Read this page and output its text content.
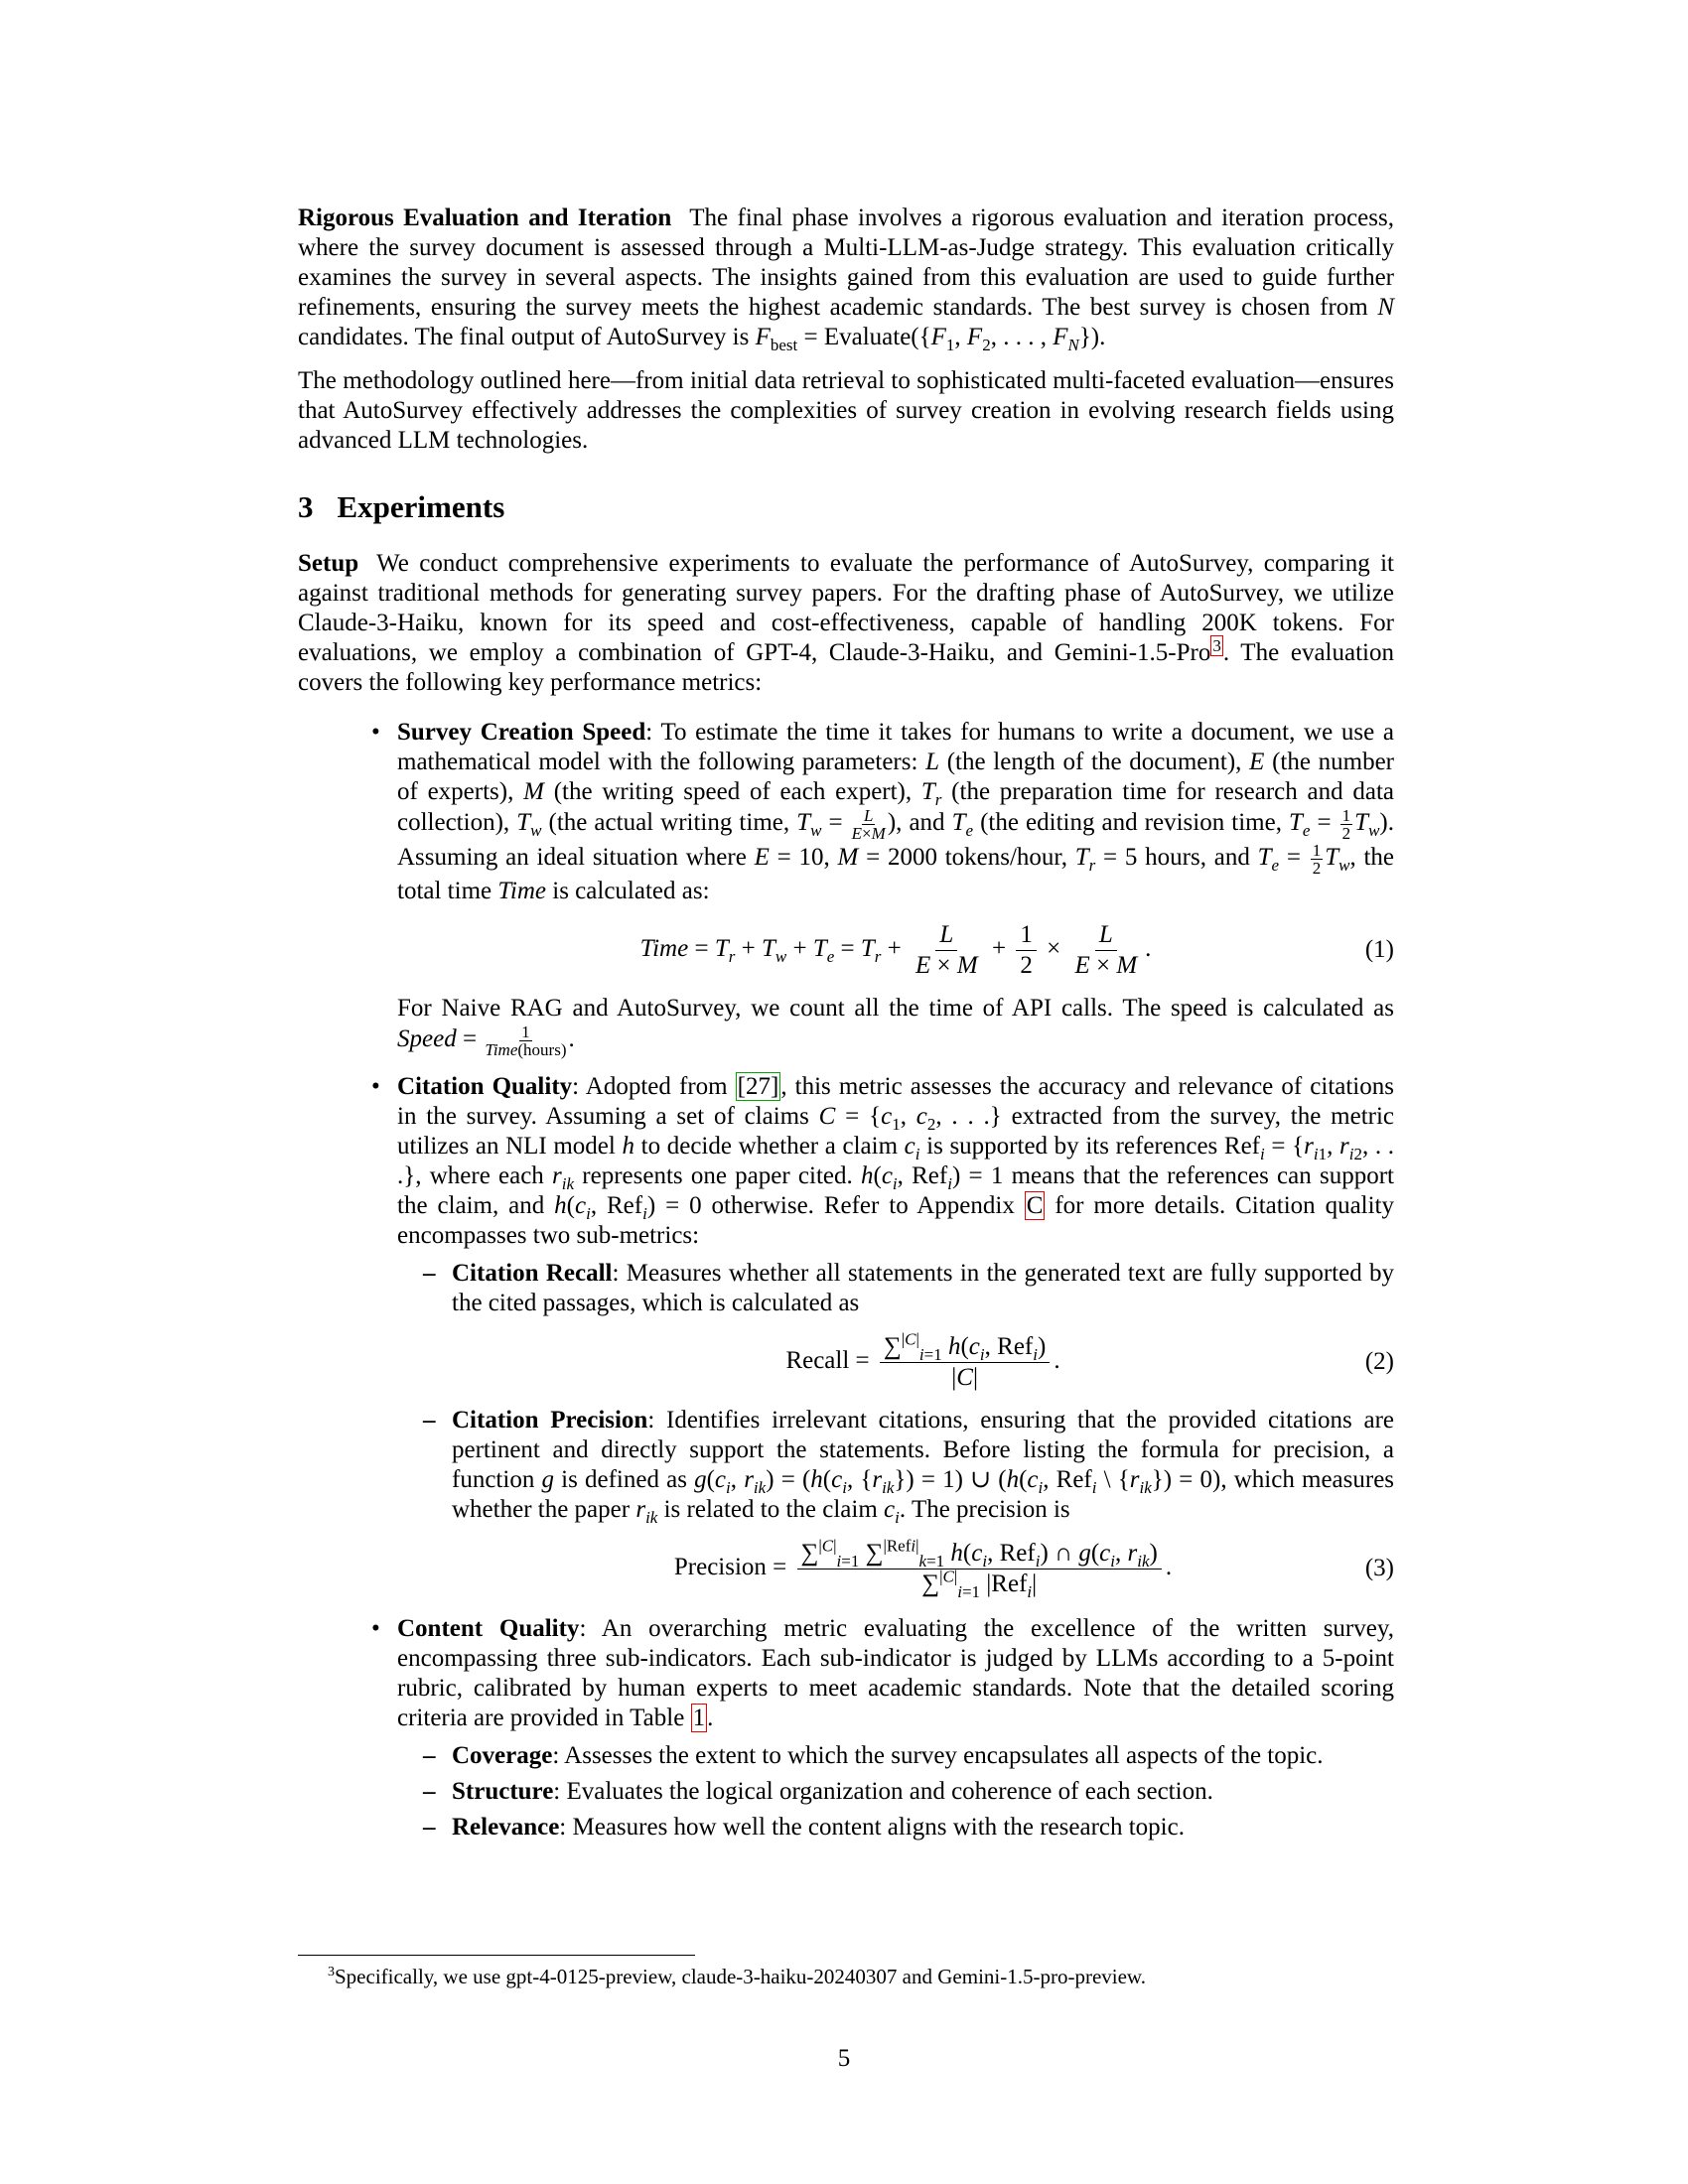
Rigorous Evaluation and Iteration The final phase involves a rigorous evaluation and iteration process, where the survey document is assessed through a Multi-LLM-as-Judge strategy. This evaluation critically examines the survey in several aspects. The insights gained from this evaluation are used to guide further refinements, ensuring the survey meets the highest academic standards. The best survey is chosen from N candidates. The final output of AutoSurvey is $F_{best}$ = $Evaluate(\{F_1$, $F_2$, . . . , $F_N$}).

The methodology outlined here—from initial data retrieval to sophisticated multi-faceted evaluation—ensures that AutoSurvey effectively addresses the complexities of survey creation in evolving research fields using advanced LLM technologies.

3 Experiments

Setup We conduct comprehensive experiments to evaluate the performance of AutoSurvey, comparing it against traditional methods for generating survey papers. For the drafting phase of AutoSurvey, we utilize Claude-3-Haiku, known for its speed and cost-effectiveness, capable of handling 200K tokens. For evaluations, we employ a combination of GPT-4, Claude-3-Haiku, and Gemini-1.5-Pro $^3$. The evaluation covers the following key performance metrics:

• Survey Creation Speed: To estimate the time it takes for humans to write a document, we use a mathematical model with the following parameters: L (the length of the document), E (the number of experts), M (the writing speed of each expert), $T_r$ (the preparation time for research and data collection), $T_w$ (the actual writing time, $T_w = \frac{L}{E\times M}$ ), and $T_e$ (the editing and revision time, $T_e = \frac{1}{2} T_w$). Assuming an ideal situation where E = 10, M = 2000 tokens/hour, $T_r = 5$ hours, and $T_e = \frac{1}{2} T_w$, the total time Time is calculated as:
Time = $T_r + T_w + T_e = T_r + \frac{L}{E \times M} + \frac{1}{2} \times \frac{L}{E \times M}$ .	(1)
For Naive RAG and AutoSurvey, we count all the time of API calls. The speed is calculated as Speed = 1
Time(hours) .
• Citation Quality: Adopted from [27], this metric assesses the accuracy and relevance of citations in the survey. Assuming a set of claims $C = \{c_1$, $c_2$, . . .} extracted from the survey, the metric utilizes an NLI model h to decide whether a claim $c_i$ is supported by its references $Ref_i = \{r_{i1}$, $r_{i2}$, . . .}, where each $r_{ik}$ represents one paper cited. $h(c_i$, Ref$_i$) = 1 means that the references can support the claim, and $h(c_i$, Ref$_i$) = 0 otherwise. Refer to Appendix C for more details. Citation quality encompasses two sub-metrics:
– Citation Recall: Measures whether all statements in the generated text are fully supported by the cited passages, which is calculated as
Recall = $\frac{\sum^{|C|}_{i=1} h(c_i, Ref_i)}{|C|}$ .	(2)
– Citation Precision: Identifies irrelevant citations, ensuring that the provided citations are pertinent and directly support the statements. Before listing the formula for precision, a function g is defined as $g(c_i$, $r_{ik}) = (h(c_i$, $\{r_{ik}\}) = 1$) ∪ ($h(c_i$, Ref$_i$ \ $\{r_{ik}\}) = 0$), which measures whether the paper $r_{ik}$ is related to the claim $c_i$. The precision is
Precision = $\frac{\sum^{|C|}_{i=1} \sum^{|Refi|}_{k=1} h(c_i, Ref_i) \cap g(c_i, r_{ik})}{\sum^{|C|}_{i=1} |Ref_i|}$ .	(3)
• Content Quality: An overarching metric evaluating the excellence of the written survey, encompassing three sub-indicators. Each sub-indicator is judged by LLMs according to a 5-point rubric, calibrated by human experts to meet academic standards. Note that the detailed scoring criteria are provided in Table 1.
– Coverage: Assesses the extent to which the survey encapsulates all aspects of the topic.
– Structure: Evaluates the logical organization and coherence of each section.
– Relevance: Measures how well the content aligns with the research topic.
$^3$Specifically, we use gpt-4-0125-preview, claude-3-haiku-20240307 and Gemini-1.5-pro-preview.
5
